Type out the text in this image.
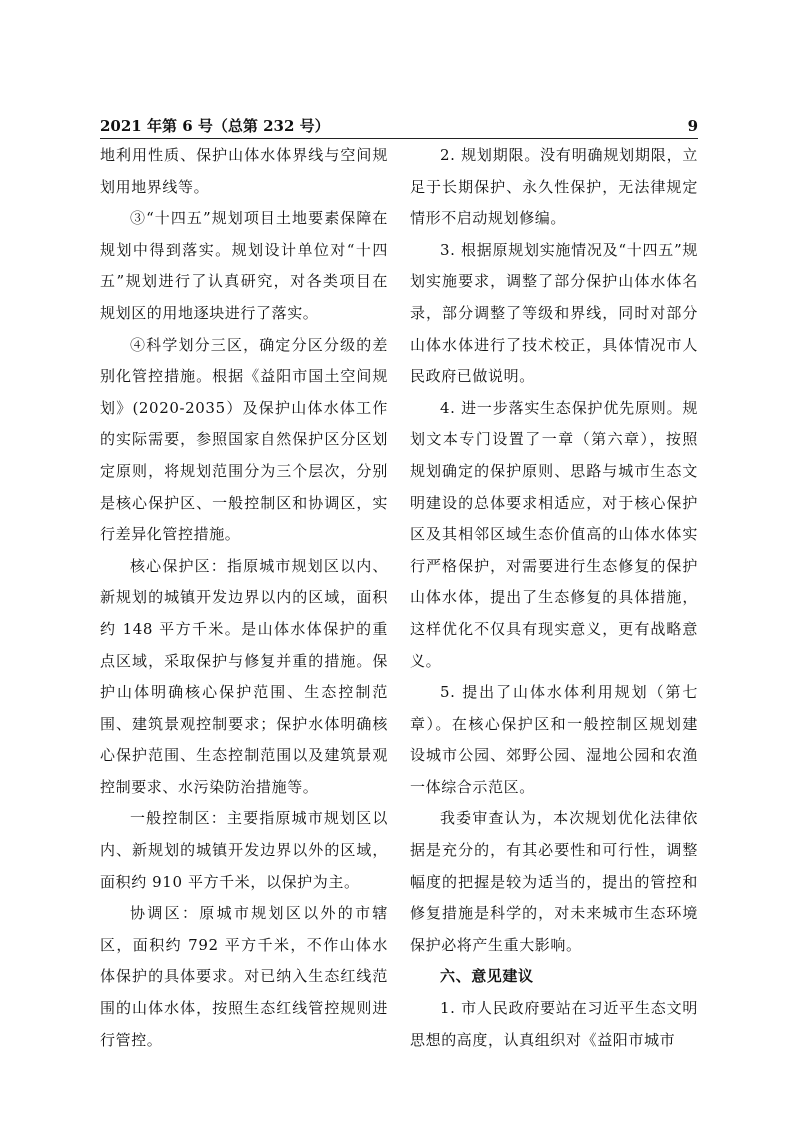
2021 年第 6 号（总第 232 号）	9

地利用性质、保护山体水体界线与空间规划用地界线等。

③“十四五”规划项目土地要素保障在规划中得到落实。规划设计单位对“十四五”规划进行了认真研究，对各类项目在规划区的用地逐块进行了落实。

④科学划分三区，确定分区分级的差别化管控措施。根据《益阳市国土空间规划》(2020-2035）及保护山体水体工作的实际需要，参照国家自然保护区分区划定原则，将规划范围分为三个层次，分别是核心保护区、一般控制区和协调区，实行差异化管控措施。

核心保护区：指原城市规划区以内、新规划的城镇开发边界以内的区域，面积约 148 平方千米。是山体水体保护的重点区域，采取保护与修复并重的措施。保护山体明确核心保护范围、生态控制范围、建筑景观控制要求；保护水体明确核心保护范围、生态控制范围以及建筑景观控制要求、水污染防治措施等。

一般控制区：主要指原城市规划区以内、新规划的城镇开发边界以外的区域，面积约 910 平方千米，以保护为主。

协调区：原城市规划区以外的市辖区，面积约 792 平方千米，不作山体水体保护的具体要求。对已纳入生态红线范围的山体水体，按照生态红线管控规则进行管控。

2. 规划期限。没有明确规划期限，立足于长期保护、永久性保护，无法律规定情形不启动规划修编。

3. 根据原规划实施情况及“十四五”规划实施要求，调整了部分保护山体水体名录，部分调整了等级和界线，同时对部分山体水体进行了技术校正，具体情况市人民政府已做说明。

4. 进一步落实生态保护优先原则。规划文本专门设置了一章（第六章），按照规划确定的保护原则、思路与城市生态文明建设的总体要求相适应，对于核心保护区及其相邻区域生态价值高的山体水体实行严格保护，对需要进行生态修复的保护山体水体，提出了生态修复的具体措施，这样优化不仅具有现实意义，更有战略意义。

5. 提出了山体水体利用规划（第七章）。在核心保护区和一般控制区规划建设城市公园、郊野公园、湿地公园和农渔一体综合示范区。

我委审查认为，本次规划优化法律依据是充分的，有其必要性和可行性，调整幅度的把握是较为适当的，提出的管控和修复措施是科学的，对未来城市生态环境保护必将产生重大影响。

六、意见建议

1. 市人民政府要站在习近平生态文明思想的高度，认真组织对《益阳市城市
